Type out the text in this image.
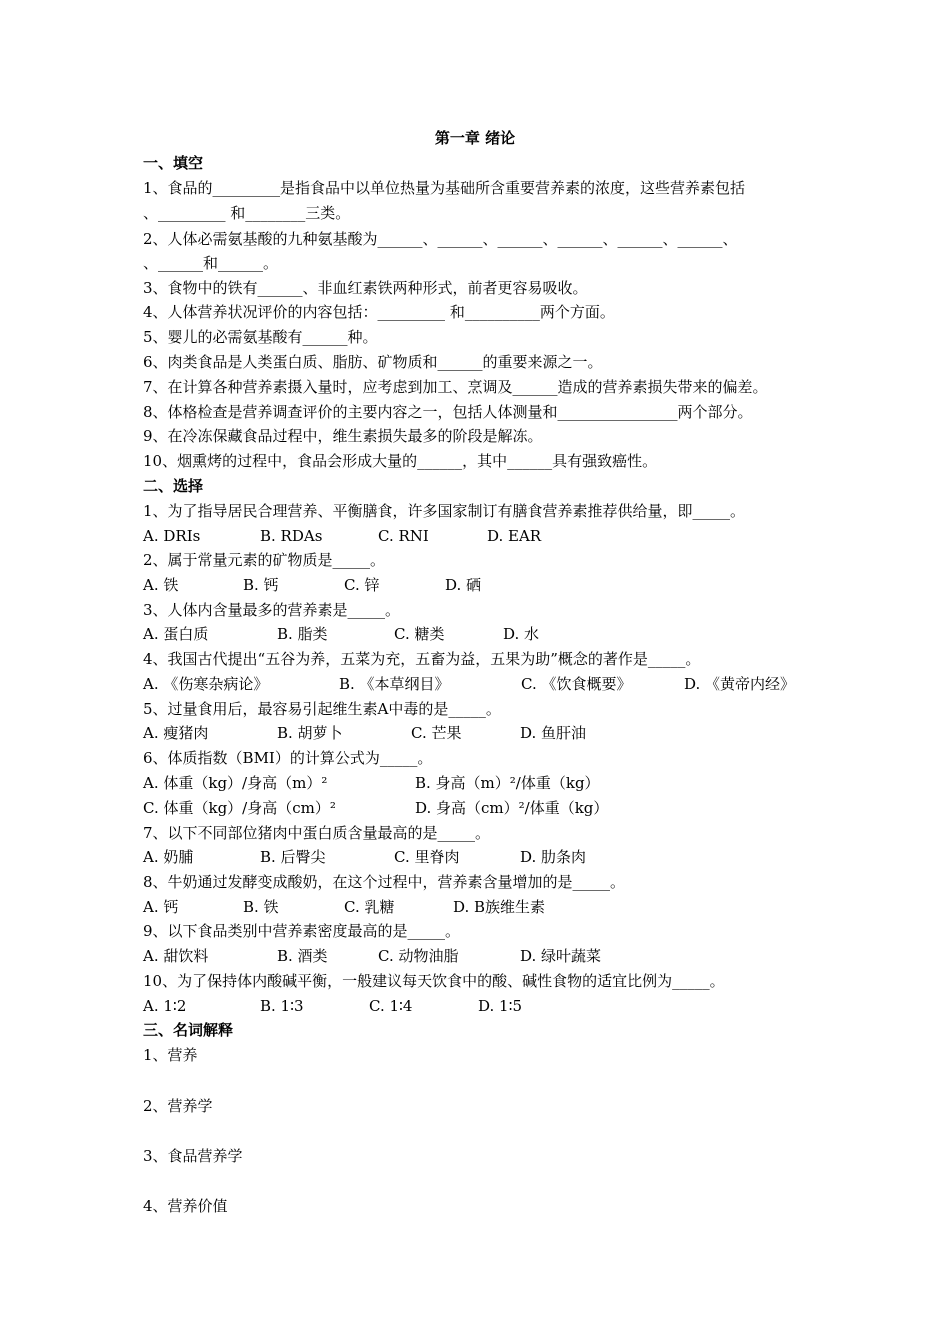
第一章 绪论
一、填空
1、食品的_________是指食品中以单位热量为基础所含重要营养素的浓度，这些营养素包括
、_________ 和________三类。
2、人体必需氨基酸的九种氨基酸为______、______、______、______、______、______、
、______和______。
3、食物中的铁有______、非血红素铁两种形式，前者更容易吸收。
4、人体营养状况评价的内容包括：_________ 和__________两个方面。
5、婴儿的必需氨基酸有______种。
6、肉类食品是人类蛋白质、脂肪、矿物质和______的重要来源之一。
7、在计算各种营养素摄入量时，应考虑到加工、烹调及______造成的营养素损失带来的偏差。
8、体格检查是营养调查评价的主要内容之一，包括人体测量和________________两个部分。
9、在冷冻保藏食品过程中，维生素损失最多的阶段是解冻。
10、烟熏烤的过程中，食品会形成大量的______，其中______具有强致癌性。
二、选择
1、为了指导居民合理营养、平衡膳食，许多国家制订有膳食营养素推荐供给量，即_____。
A. DRIs	B. RDAs	C. RNI	D. EAR
2、属于常量元素的矿物质是_____。
A. 铁	B. 钙	C. 锌	D. 硒
3、人体内含量最多的营养素是_____。
A. 蛋白质	B. 脂类	C. 糖类	D. 水
4、我国古代提出“五谷为养，五菜为充，五畜为益，五果为助”概念的著作是_____。
A. 《伤寒杂病论》	B. 《本草纲目》	C. 《饮食概要》	D. 《黄帝内经》
5、过量食用后，最容易引起维生素A中毒的是_____。
A. 瘦猪肉	B. 胡萝卜	C. 芒果	D. 鱼肝油
6、体质指数（BMI）的计算公式为_____。
A. 体重（kg）/身高（m）²	B. 身高（m）²/体重（kg）
C. 体重（kg）/身高（cm）²	D. 身高（cm）²/体重（kg）
7、以下不同部位猪肉中蛋白质含量最高的是_____。
A. 奶脯	B. 后臀尖	C. 里脊肉	D. 肋条肉
8、牛奶通过发酵变成酸奶，在这个过程中，营养素含量增加的是_____。
A. 钙	B. 铁	C. 乳糖	D. B族维生素
9、以下食品类别中营养素密度最高的是_____。
A. 甜饮料	B. 酒类	C. 动物油脂	D. 绿叶蔬菜
10、为了保持体内酸碱平衡，一般建议每天饮食中的酸、碱性食物的适宜比例为_____。
A. 1∶2	B. 1∶3	C. 1∶4	D. 1∶5
三、名词解释
1、营养
2、营养学
3、食品营养学
4、营养价值
